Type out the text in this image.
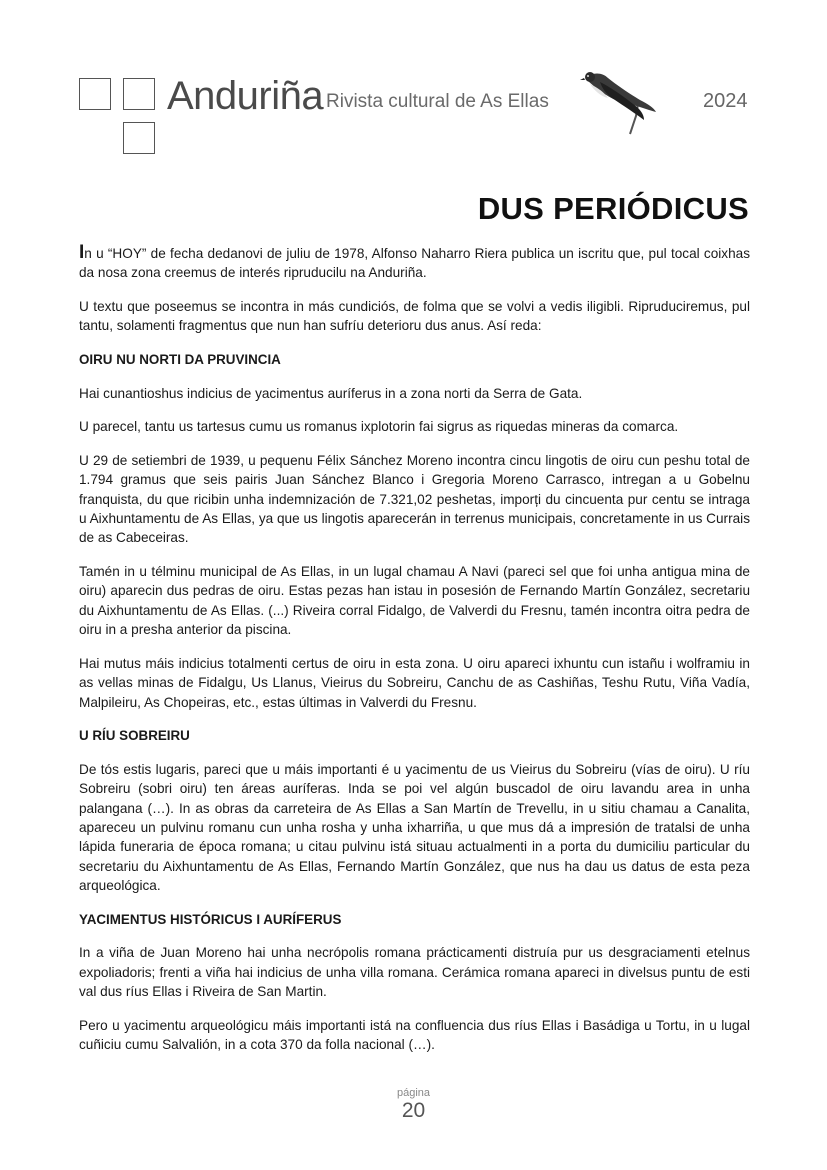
Anduriña Rivista cultural de As Ellas	2024
DUS PERIÓDICUS

In u “HOY” de fecha dedanovi de juliu de 1978, Alfonso Naharro Riera publica un iscritu que, pul tocal coixhas da nosa zona creemus de interés ripruducilu na Anduriña.

U textu que poseemus se incontra in más cundiciós, de folma que se volvi a vedis iligibli. Ripruduciremus, pul tantu, solamenti fragmentus que nun han sufríu deterioru dus anus. Así reda:

OIRU NU NORTI DA PRUVINCIA

Hai cunantioshus indicius de yacimentus auríferus in a zona norti da Serra de Gata.

U parecel, tantu us tartesus cumu us romanus ixplotorin fai sigrus as riquedas mineras da comarca.

U 29 de setiembri de 1939, u pequenu Félix Sánchez Moreno incontra cincu lingotis de oiru cun peshu total de 1.794 gramus que seis pairis Juan Sánchez Blanco i Gregoria Moreno Carrasco, intregan a u Gobelnu franquista, du que ricibin unha indemnización de 7.321,02 peshetas, imporți du cincuenta pur centu se intraga u Aixhuntamentu de As Ellas, ya que us lingotis aparecerán in terrenus municipais, concretamente in us Currais de as Cabeceiras.

Tamén in u télminu municipal de As Ellas, in un lugal chamau A Navi (pareci sel que foi unha antigua mina de oiru) aparecin dus pedras de oiru. Estas pezas han istau in posesión de Fernando Martín González, secretariu du Aixhuntamentu de As Ellas. (...) Riveira corral Fidalgo, de Valverdi du Fresnu, tamén incontra oitra pedra de oiru in a presha anterior da piscina.

Hai mutus máis indicius totalmenti certus de oiru in esta zona. U oiru apareci ixhuntu cun istañu i wolframiu in as vellas minas de Fidalgu, Us Llanus, Vieirus du Sobreiru, Canchu de as Cashiñas, Teshu Rutu, Viña Vadía, Malpileiru, As Chopeiras, etc., estas últimas in Valverdi du Fresnu.

U RÍU SOBREIRU

De tós estis lugaris, pareci que u máis importanti é u yacimentu de us Vieirus du Sobreiru (vías de oiru). U ríu Sobreiru (sobri oiru) ten áreas auríferas. Inda se poi vel algún buscadol de oiru lavandu area in unha palangana (…). In as obras da carreteira de As Ellas a San Martín de Trevellu, in u sitiu chamau a Canalita, apareceu un pulvinu romanu cun unha rosha y unha ixharriña, u que mus dá a impresión de tratalsi de unha lápida funeraria de época romana; u citau pulvinu istá situau actualmenti in a porta du dumiciliu particular du secretariu du Aixhuntamentu de As Ellas, Fernando Martín González, que nus ha dau us datus de esta peza arqueológica.

YACIMENTUS HISTÓRICUS I AURÍFERUS

In a viña de Juan Moreno hai unha necrópolis romana prácticamenti distruía pur us desgraciamenti etelnus expoliadoris; frenti a viña hai indicius de unha villa romana. Cerámica romana apareci in divelsus puntu de esti val dus ríus Ellas i Riveira de San Martin.

Pero u yacimentu arqueológicu máis importanti istá na confluencia dus ríus Ellas i Basádiga u Tortu, in u lugal cuñiciu cumu Salvalión, in a cota 370 da folla nacional (…).

página
20
